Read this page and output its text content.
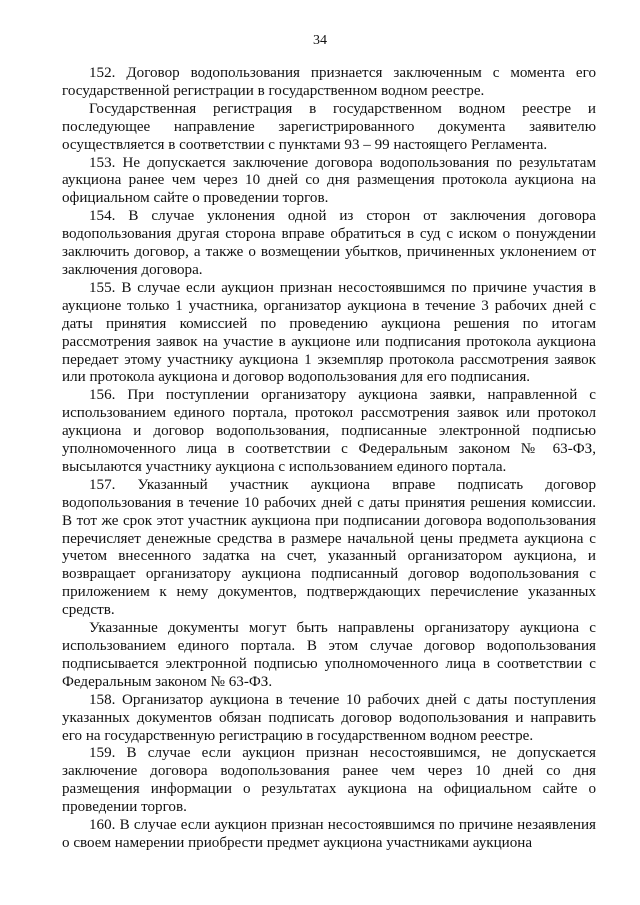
34

152. Договор водопользования признается заключенным с момента его государственной регистрации в государственном водном реестре.

Государственная регистрация в государственном водном реестре и последующее направление зарегистрированного документа заявителю осуществляется в соответствии с пунктами 93 – 99 настоящего Регламента.

153. Не допускается заключение договора водопользования по результатам аукциона ранее чем через 10 дней со дня размещения протокола аукциона на официальном сайте о проведении торгов.

154. В случае уклонения одной из сторон от заключения договора водопользования другая сторона вправе обратиться в суд с иском о понуждении заключить договор, а также о возмещении убытков, причиненных уклонением от заключения договора.

155. В случае если аукцион признан несостоявшимся по причине участия в аукционе только 1 участника, организатор аукциона в течение 3 рабочих дней с даты принятия комиссией по проведению аукциона решения по итогам рассмотрения заявок на участие в аукционе или подписания протокола аукциона передает этому участнику аукциона 1 экземпляр протокола рассмотрения заявок или протокола аукциона и договор водопользования для его подписания.

156. При поступлении организатору аукциона заявки, направленной с использованием единого портала, протокол рассмотрения заявок или протокол аукциона и договор водопользования, подписанные электронной подписью уполномоченного лица в соответствии с Федеральным законом № 63-ФЗ, высылаются участнику аукциона с использованием единого портала.

157. Указанный участник аукциона вправе подписать договор водопользования в течение 10 рабочих дней с даты принятия решения комиссии. В тот же срок этот участник аукциона при подписании договора водопользования перечисляет денежные средства в размере начальной цены предмета аукциона с учетом внесенного задатка на счет, указанный организатором аукциона, и возвращает организатору аукциона подписанный договор водопользования с приложением к нему документов, подтверждающих перечисление указанных средств.

Указанные документы могут быть направлены организатору аукциона с использованием единого портала. В этом случае договор водопользования подписывается электронной подписью уполномоченного лица в соответствии с Федеральным законом № 63-ФЗ.

158. Организатор аукциона в течение 10 рабочих дней с даты поступления указанных документов обязан подписать договор водопользования и направить его на государственную регистрацию в государственном водном реестре.

159. В случае если аукцион признан несостоявшимся, не допускается заключение договора водопользования ранее чем через 10 дней со дня размещения информации о результатах аукциона на официальном сайте о проведении торгов.

160. В случае если аукцион признан несостоявшимся по причине незаявления о своем намерении приобрести предмет аукциона участниками аукциона
